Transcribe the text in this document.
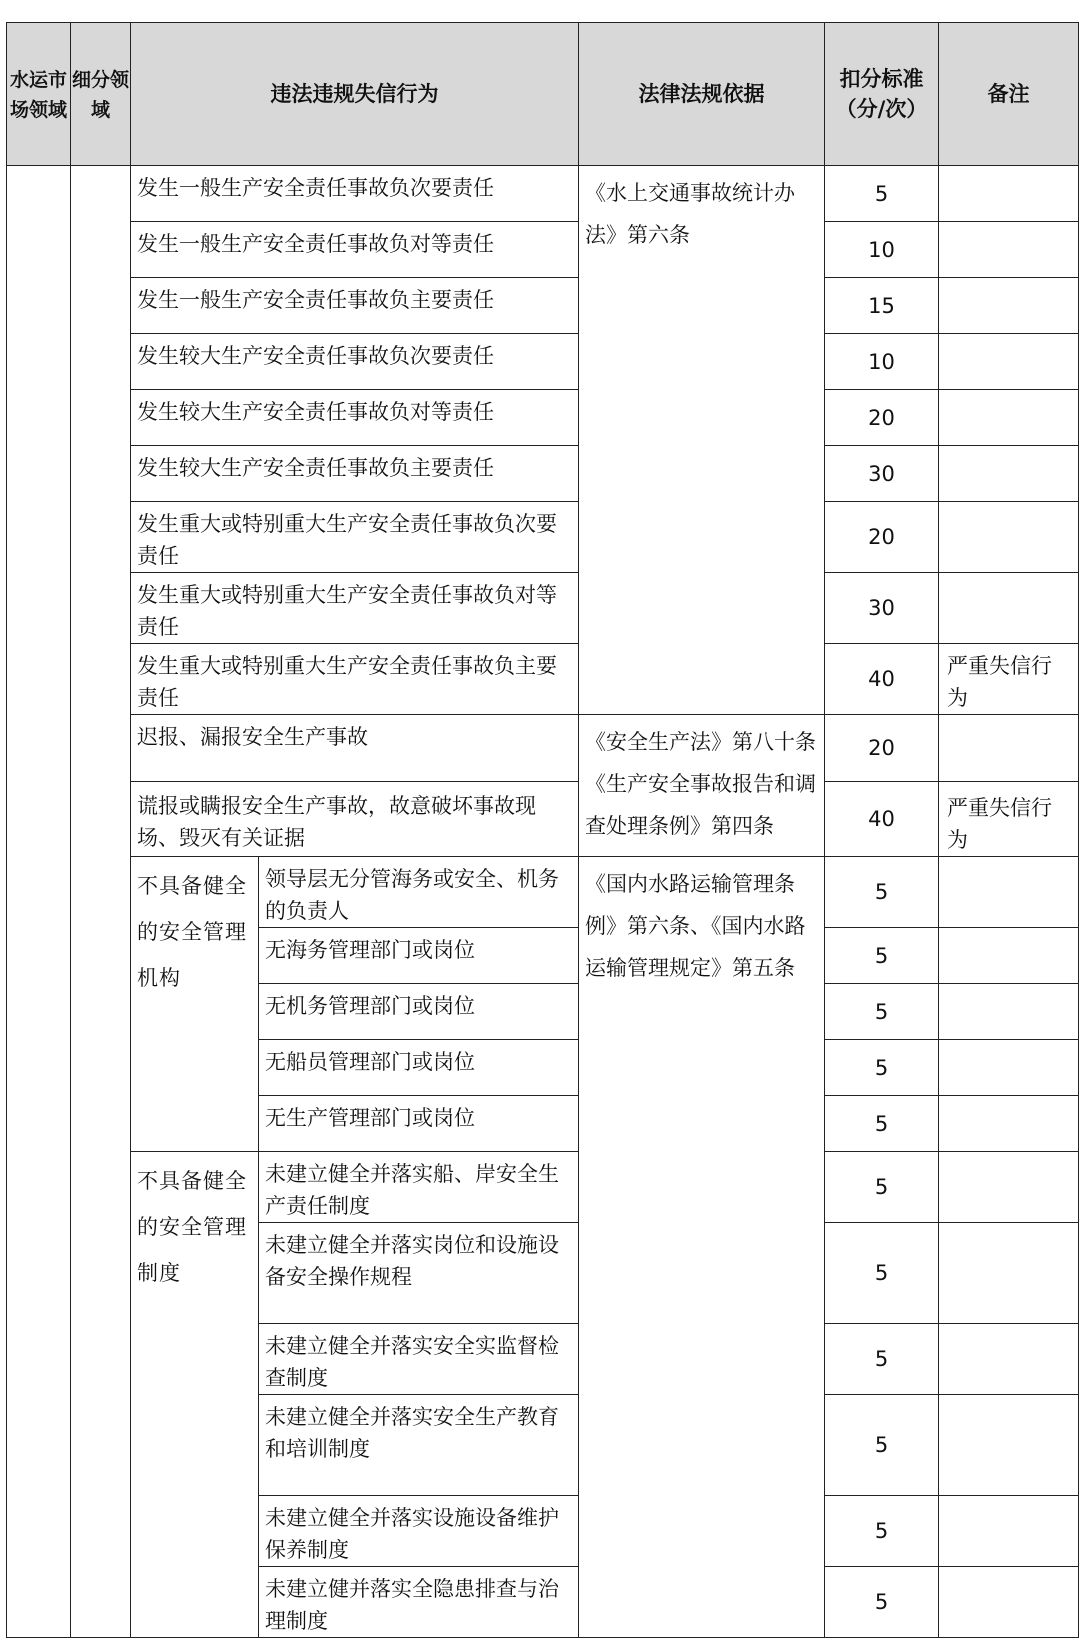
水运市场领域	细分领域	违法违规失信行为		法律法规依据	扣分标准（分/次）	备注
		发生一般生产安全责任事故负次要责任		《水上交通事故统计办法》第六条	5	
		发生一般生产安全责任事故负对等责任			10	
		发生一般生产安全责任事故负主要责任			15	
		发生较大生产安全责任事故负次要责任			10	
		发生较大生产安全责任事故负对等责任			20	
		发生较大生产安全责任事故负主要责任			30	
		发生重大或特别重大生产安全责任事故负次要责任			20	
		发生重大或特别重大生产安全责任事故负对等责任			30	
		发生重大或特别重大生产安全责任事故负主要责任			40	严重失信行为
		迟报、漏报安全生产事故		《安全生产法》第八十条 《生产安全事故报告和调查处理条例》第四条	20	
		谎报或瞒报安全生产事故，故意破坏事故现场、毁灭有关证据			40	严重失信行为
		不具备健全的安全管理机构	领导层无分管海务或安全、机务的负责人	《国内水路运输管理条例》第六条、《国内水路运输管理规定》第五条	5	
			无海务管理部门或岗位		5	
			无机务管理部门或岗位		5	
			无船员管理部门或岗位		5	
			无生产管理部门或岗位		5	
		不具备健全的安全管理制度	未建立健全并落实船、岸安全生产责任制度		5	
			未建立健全并落实岗位和设施设备安全操作规程		5	
			未建立健全并落实安全实监督检查制度		5	
			未建立健全并落实安全生产教育和培训制度		5	
			未建立健全并落实设施设备维护保养制度		5	
			未建立健并落实全隐患排查与治理制度		5	
